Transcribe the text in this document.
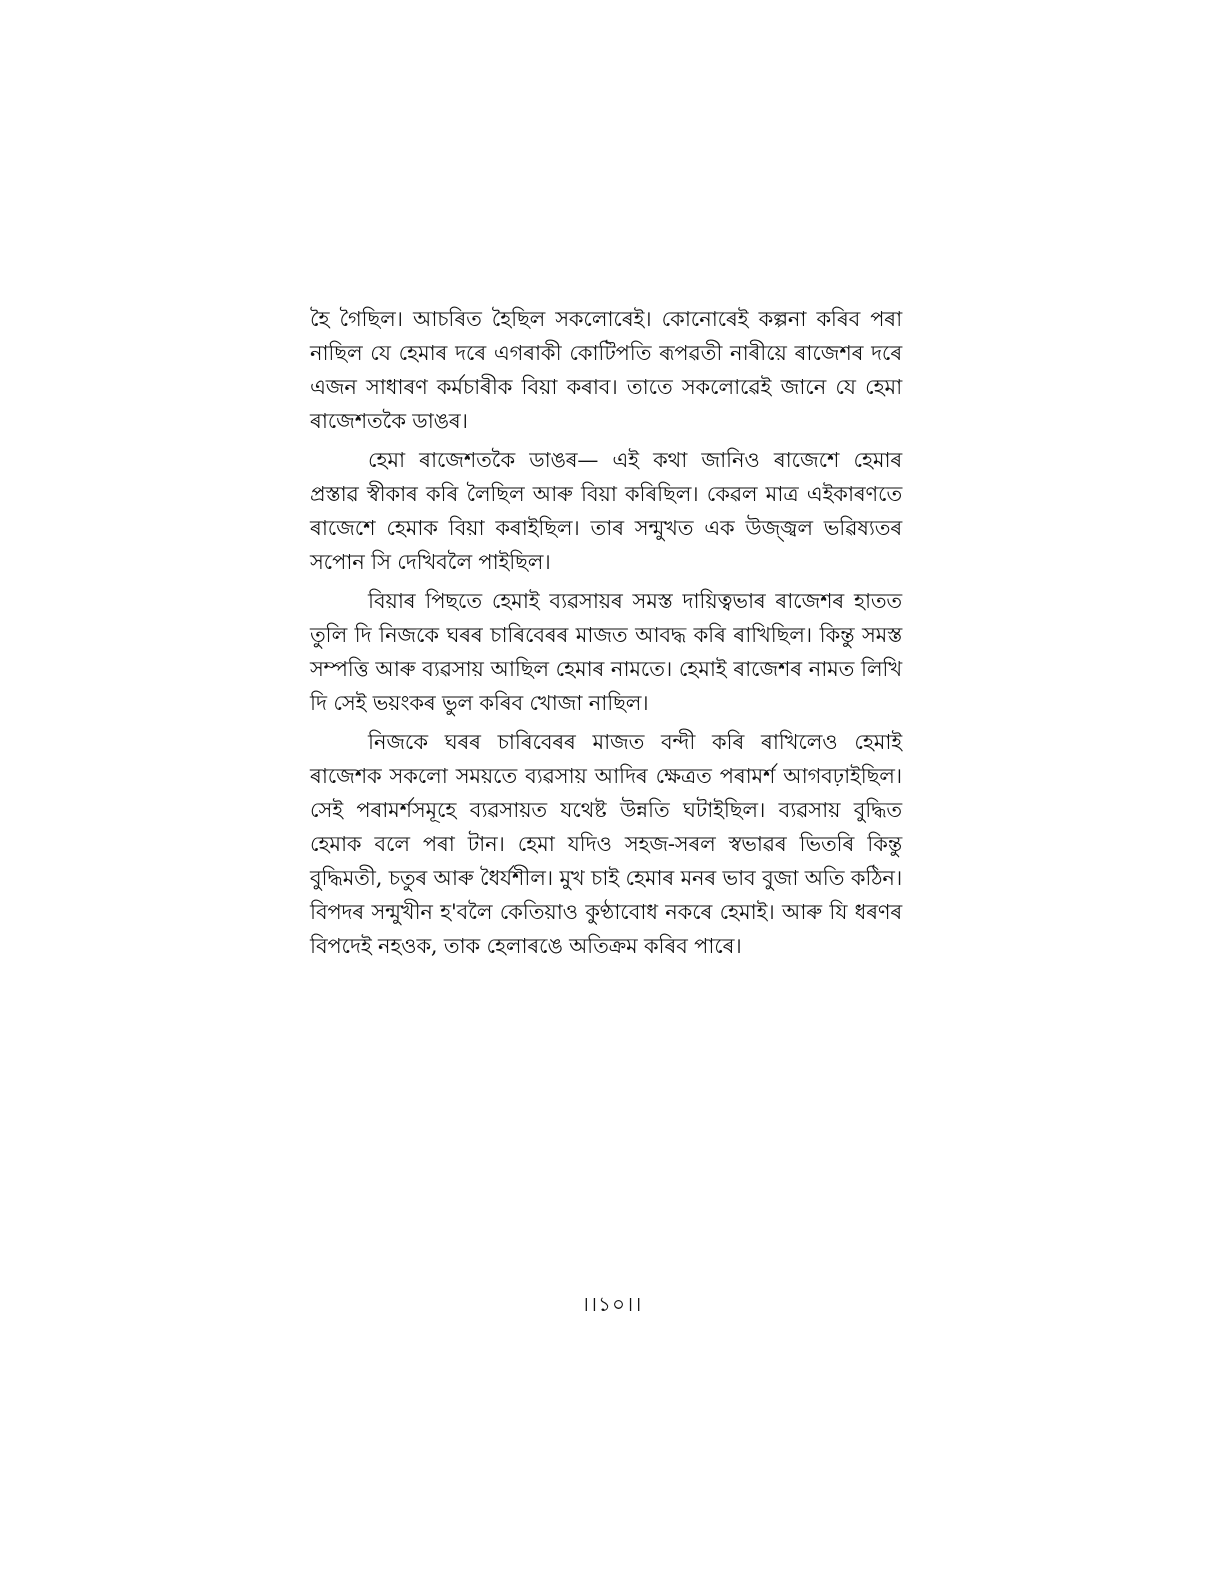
হৈ গৈছিল। আচৰিত হৈছিল সকলোৰেই। কোনোৰেই কল্পনা কৰিব পৰা নাছিল যে হেমাৰ দৰে এগৰাকী কোটিপতি ৰূপৱতী নাৰীয়ে ৰাজেশৰ দৰে এজন সাধাৰণ কৰ্মচাৰীক বিয়া কৰাব। তাতে সকলোৱেই জানে যে হেমা ৰাজেশতকৈ ডাঙৰ।

হেমা ৰাজেশতকৈ ডাঙৰ— এই কথা জানিও ৰাজেশে হেমাৰ প্ৰস্তাৱ স্বীকাৰ কৰি লৈছিল আৰু বিয়া কৰিছিল। কেৱল মাত্ৰ এইকাৰণতে ৰাজেশে হেমাক বিয়া কৰাইছিল। তাৰ সন্মুখত এক উজ্জ্বল ভৱিষ্যতৰ সপোন সি দেখিবলৈ পাইছিল।

বিয়াৰ পিছতে হেমাই ব্যৱসায়ৰ সমস্ত দায়িত্বভাৰ ৰাজেশৰ হাতত তুলি দি নিজকে ঘৰৰ চাৰিবেৰৰ মাজত আবদ্ধ কৰি ৰাখিছিল। কিন্তু সমস্ত সম্পত্তি আৰু ব্যৱসায় আছিল হেমাৰ নামতে। হেমাই ৰাজেশৰ নামত লিখি দি সেই ভয়ংকৰ ভুল কৰিব খোজা নাছিল।

নিজকে ঘৰৰ চাৰিবেৰৰ মাজত বন্দী কৰি ৰাখিলেও হেমাই ৰাজেশক সকলো সময়তে ব্যৱসায় আদিৰ ক্ষেত্ৰত পৰামৰ্শ আগবঢ়াইছিল। সেই পৰামৰ্শসমূহে ব্যৱসায়ত যথেষ্ট উন্নতি ঘটাইছিল। ব্যৱসায় বুদ্ধিত হেমাক বলে পৰা টান। হেমা যদিও সহজ-সৰল স্বভাৱৰ ভিতৰি কিন্তু বুদ্ধিমতী, চতুৰ আৰু ধৈৰ্যশীল। মুখ চাই হেমাৰ মনৰ ভাব বুজা অতি কঠিন। বিপদৰ সন্মুখীন হ'বলৈ কেতিয়াও কুণ্ঠাবোধ নকৰে হেমাই। আৰু যি ধৰণৰ বিপদেই নহওক, তাক হেলাৰঙে অতিক্ৰম কৰিব পাৰে।

।।১০।।
